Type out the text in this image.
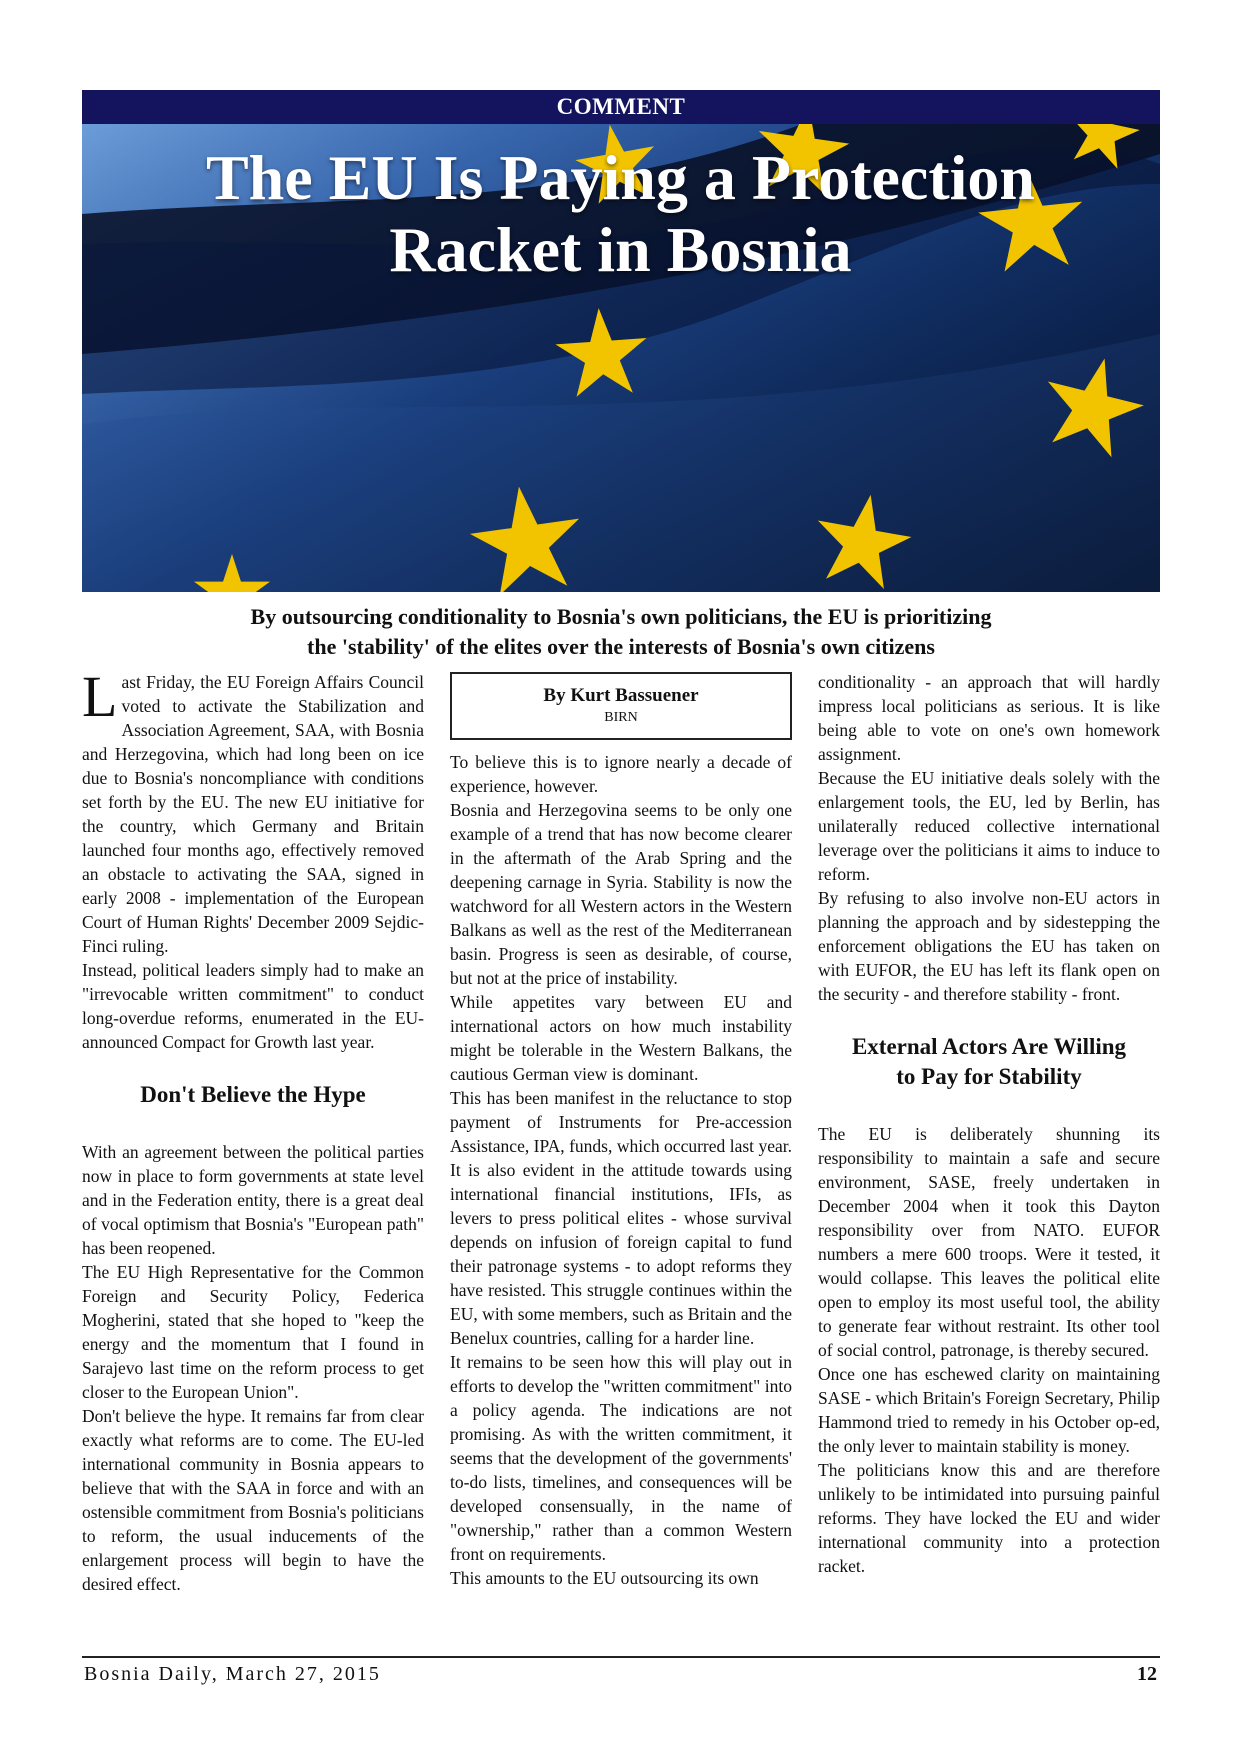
COMMENT
The EU Is Paying a Protection
Racket in Bosnia
By outsourcing conditionality to Bosnia's own politicians, the EU is prioritizing
the 'stability' of the elites over the interests of Bosnia's own citizens

Last Friday, the EU Foreign Affairs Council voted to activate the Stabilization and Association Agreement, SAA, with Bosnia and Herzegovina, which had long been on ice due to Bosnia's noncompliance with conditions set forth by the EU. The new EU initiative for the country, which Germany and Britain launched four months ago, effectively removed an obstacle to activating the SAA, signed in early 2008 - implementation of the European Court of Human Rights' December 2009 Sejdic-Finci ruling.

Instead, political leaders simply had to make an "irrevocable written commitment" to conduct long-overdue reforms, enumerated in the EU-announced Compact for Growth last year.

Don't Believe the Hype

With an agreement between the political parties now in place to form governments at state level and in the Federation entity, there is a great deal of vocal optimism that Bosnia's "European path" has been reopened.

The EU High Representative for the Common Foreign and Security Policy, Federica Mogherini, stated that she hoped to "keep the energy and the momentum that I found in Sarajevo last time on the reform process to get closer to the European Union".

Don't believe the hype. It remains far from clear exactly what reforms are to come. The EU-led international community in Bosnia appears to believe that with the SAA in force and with an ostensible commitment from Bosnia's politicians to reform, the usual inducements of the enlargement process will begin to have the desired effect.

By Kurt Bassuener
BIRN

To believe this is to ignore nearly a decade of experience, however.

Bosnia and Herzegovina seems to be only one example of a trend that has now become clearer in the aftermath of the Arab Spring and the deepening carnage in Syria. Stability is now the watchword for all Western actors in the Western Balkans as well as the rest of the Mediterranean basin. Progress is seen as desirable, of course, but not at the price of instability.

While appetites vary between EU and international actors on how much instability might be tolerable in the Western Balkans, the cautious German view is dominant.

This has been manifest in the reluctance to stop payment of Instruments for Pre-accession Assistance, IPA, funds, which occurred last year. It is also evident in the attitude towards using international financial institutions, IFIs, as levers to press political elites - whose survival depends on infusion of foreign capital to fund their patronage systems - to adopt reforms they have resisted. This struggle continues within the EU, with some members, such as Britain and the Benelux countries, calling for a harder line.

It remains to be seen how this will play out in efforts to develop the "written commitment" into a policy agenda. The indications are not promising. As with the written commitment, it seems that the development of the governments' to-do lists, timelines, and consequences will be developed consensually, in the name of "ownership," rather than a common Western front on requirements.

This amounts to the EU outsourcing its own

conditionality - an approach that will hardly impress local politicians as serious. It is like being able to vote on one's own homework assignment.

Because the EU initiative deals solely with the enlargement tools, the EU, led by Berlin, has unilaterally reduced collective international leverage over the politicians it aims to induce to reform.

By refusing to also involve non-EU actors in planning the approach and by sidestepping the enforcement obligations the EU has taken on with EUFOR, the EU has left its flank open on the security - and therefore stability - front.

External Actors Are Willing
to Pay for Stability

The EU is deliberately shunning its responsibility to maintain a safe and secure environment, SASE, freely undertaken in December 2004 when it took this Dayton responsibility over from NATO. EUFOR numbers a mere 600 troops. Were it tested, it would collapse. This leaves the political elite open to employ its most useful tool, the ability to generate fear without restraint. Its other tool of social control, patronage, is thereby secured.

Once one has eschewed clarity on maintaining SASE - which Britain's Foreign Secretary, Philip Hammond tried to remedy in his October op-ed, the only lever to maintain stability is money.

The politicians know this and are therefore unlikely to be intimidated into pursuing painful reforms. They have locked the EU and wider international community into a protection racket.

Bosnia Daily, March 27, 2015	12
